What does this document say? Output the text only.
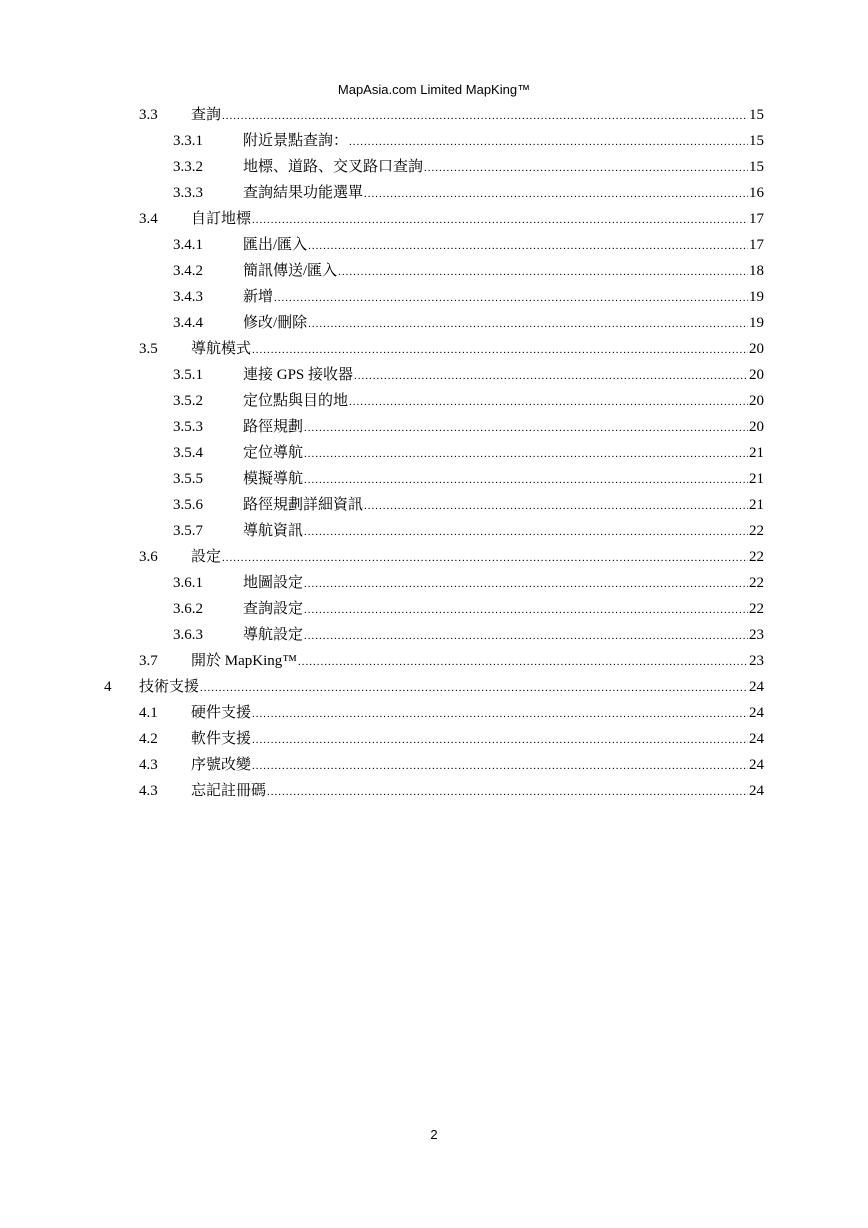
MapAsia.com Limited MapKing™
3.3	查詢 .....	15
3.3.1	附近景點查詢： .....	15
3.3.2	地標、道路、交叉路口查詢 .....	15
3.3.3	查詢結果功能選單 .....	16
3.4	自訂地標 .....	17
3.4.1	匯出/匯入 .....	17
3.4.2	簡訊傳送/匯入 .....	18
3.4.3	新增 .....	19
3.4.4	修改/刪除 .....	19
3.5	導航模式 .....	20
3.5.1	連接 GPS 接收器 .....	20
3.5.2	定位點與目的地 .....	20
3.5.3	路徑規劃 .....	20
3.5.4	定位導航 .....	21
3.5.5	模擬導航 .....	21
3.5.6	路徑規劃詳細資訊 .....	21
3.5.7	導航資訊 .....	22
3.6	設定 .....	22
3.6.1	地圖設定 .....	22
3.6.2	查詢設定 .....	22
3.6.3	導航設定 .....	23
3.7	開於 MapKing™ .....	23
4	技術支援 .....	24
4.1	硬件支援 .....	24
4.2	軟件支援 .....	24
4.3	序號改變 .....	24
4.3	忘記註冊碼 .....	24
2
